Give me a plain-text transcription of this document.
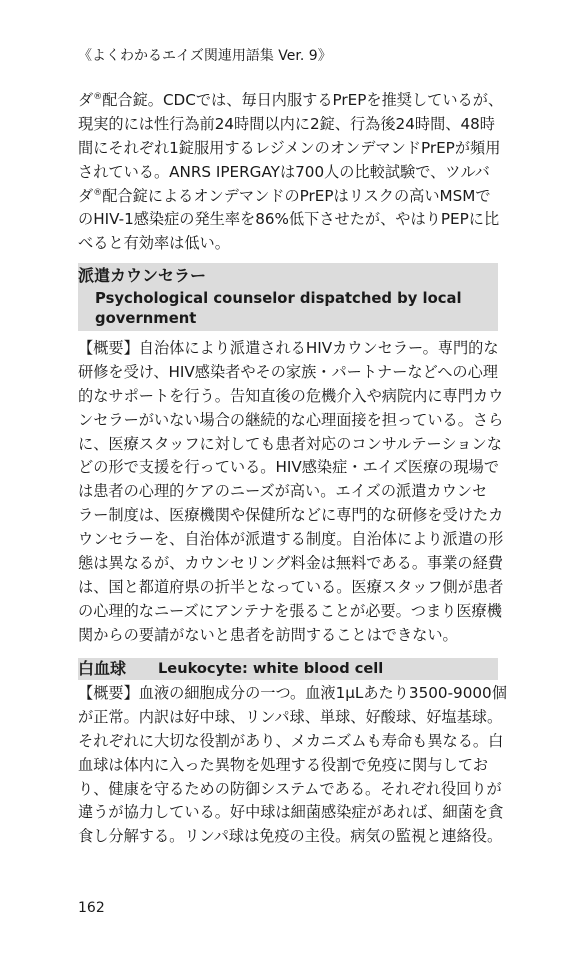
《よくわかるエイズ関連用語集 Ver. 9》
ダ®配合錠。CDCでは、毎日内服するPrEPを推奨しているが、
現実的には性行為前24時間以内に2錠、行為後24時間、48時
間にそれぞれ1錠服用するレジメンのオンデマンドPrEPが頻用
されている。ANRS IPERGAYは700人の比較試験で、ツルバ
ダ®配合錠によるオンデマンドのPrEPはリスクの高いMSMで
のHIV-1感染症の発生率を86%低下させたが、やはりPEPに比
べると有効率は低い。
派遣カウンセラー
Psychological counselor dispatched by local
government
【概要】自治体により派遣されるHIVカウンセラー。専門的な
研修を受け、HIV感染者やその家族・パートナーなどへの心理
的なサポートを行う。告知直後の危機介入や病院内に専門カウ
ンセラーがいない場合の継続的な心理面接を担っている。さら
に、医療スタッフに対しても患者対応のコンサルテーションな
どの形で支援を行っている。HIV感染症・エイズ医療の現場で
は患者の心理的ケアのニーズが高い。エイズの派遣カウンセ
ラー制度は、医療機関や保健所などに専門的な研修を受けたカ
ウンセラーを、自治体が派遣する制度。自治体により派遣の形
態は異なるが、カウンセリング料金は無料である。事業の経費
は、国と都道府県の折半となっている。医療スタッフ側が患者
の心理的なニーズにアンテナを張ることが必要。つまり医療機
関からの要請がないと患者を訪問することはできない。
白血球 Leukocyte: white blood cell
【概要】血液の細胞成分の一つ。血液1μLあたり3500-9000個
が正常。内訳は好中球、リンパ球、単球、好酸球、好塩基球。
それぞれに大切な役割があり、メカニズムも寿命も異なる。白
血球は体内に入った異物を処理する役割で免疫に関与してお
り、健康を守るための防御システムである。それぞれ役回りが
違うが協力している。好中球は細菌感染症があれば、細菌を貪
食し分解する。リンパ球は免疫の主役。病気の監視と連絡役。
162
